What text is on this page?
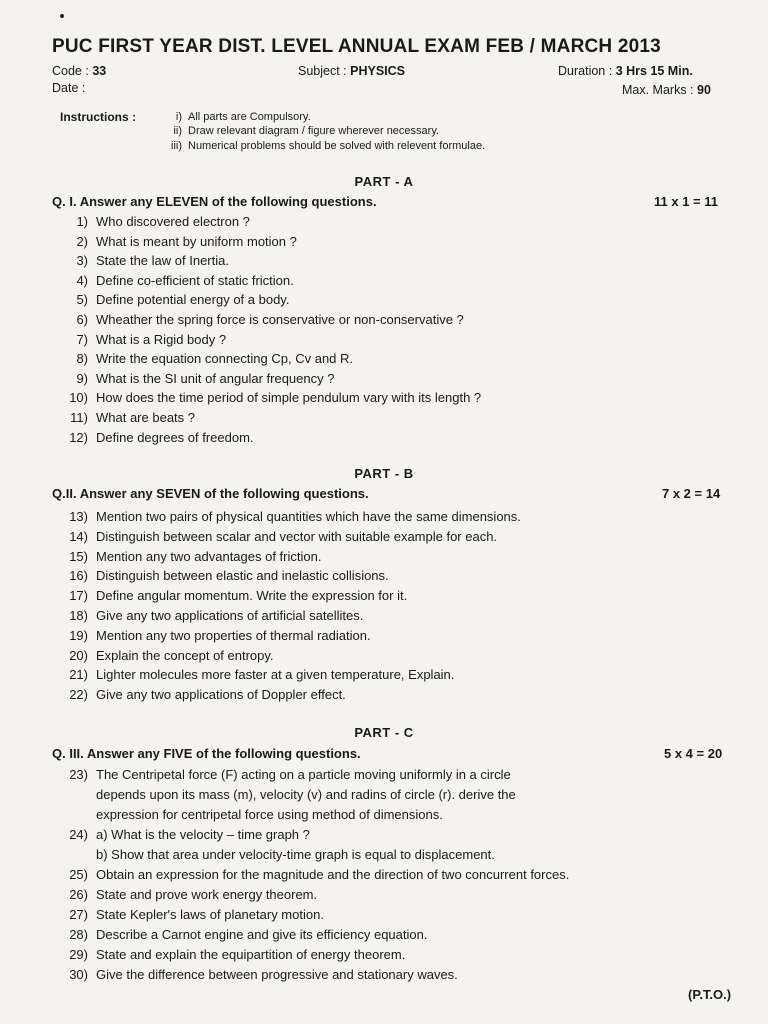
PUC FIRST YEAR DIST. LEVEL ANNUAL EXAM FEB / MARCH 2013
Code : 33	Subject : PHYSICS	Duration : 3 Hrs 15 Min.
Date :	Max. Marks : 90
Instructions :	i) All parts are Compulsory.
ii) Draw relevant diagram / figure wherever necessary.
iii) Numerical problems should be solved with relevent formulae.
PART - A
Q. I. Answer any ELEVEN of the following questions.	11 x 1 = 11
1) Who discovered electron ?
2) What is meant by uniform motion ?
3) State the law of Inertia.
4) Define co-efficient of static friction.
5) Define potential energy of a body.
6) Wheather the spring force is conservative or non-conservative ?
7) What is a Rigid body ?
8) Write the equation connecting Cp, Cv and R.
9) What is the SI unit of angular frequency ?
10) How does the time period of simple pendulum vary with its length ?
11) What are beats ?
12) Define degrees of freedom.
PART - B
Q.II. Answer any SEVEN of the following questions.	7 x 2 = 14
13) Mention two pairs of physical quantities which have the same dimensions.
14) Distinguish between scalar and vector with suitable example for each.
15) Mention any two advantages of friction.
16) Distinguish between elastic and inelastic collisions.
17) Define angular momentum. Write the expression for it.
18) Give any two applications of artificial satellites.
19) Mention any two properties of thermal radiation.
20) Explain the concept of entropy.
21) Lighter molecules more faster at a given temperature, Explain.
22) Give any two applications of Doppler effect.
PART - C
Q. III. Answer any FIVE of the following questions.	5 x 4 = 20
23) The Centripetal force (F) acting on a particle moving uniformly in a circle
depends upon its mass (m), velocity (v) and radins of circle (r). derive the
expression for centripetal force using method of dimensions.
24) a) What is the velocity – time graph ?
b) Show that area under velocity-time graph is equal to displacement.
25) Obtain an expression for the magnitude and the direction of two concurrent forces.
26) State and prove work energy theorem.
27) State Kepler's laws of planetary motion.
28) Describe a Carnot engine and give its efficiency equation.
29) State and explain the equipartition of energy theorem.
30) Give the difference between progressive and stationary waves.
(P.T.O.)
